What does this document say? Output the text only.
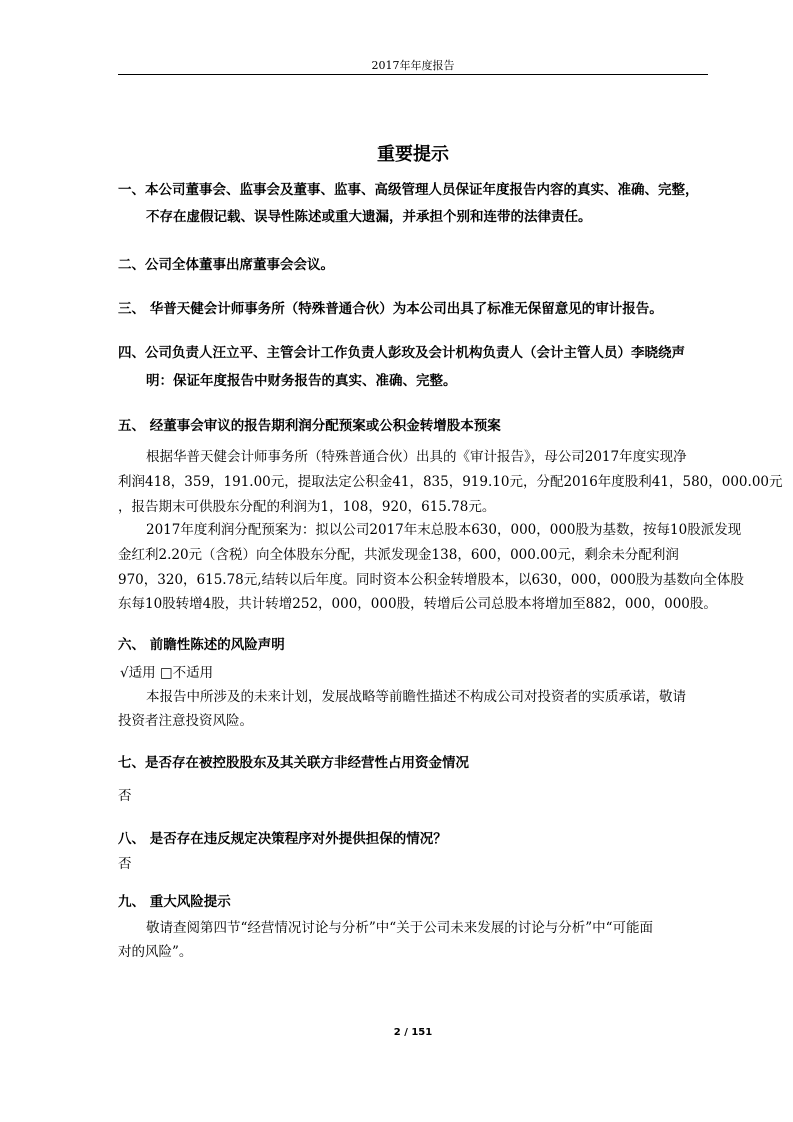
2017年年度报告
重要提示
一、本公司董事会、监事会及董事、监事、高级管理人员保证年度报告内容的真实、准确、完整，
不存在虚假记载、误导性陈述或重大遗漏，并承担个别和连带的法律责任。
二、公司全体董事出席董事会会议。
三、 华普天健会计师事务所（特殊普通合伙）为本公司出具了标准无保留意见的审计报告。
四、公司负责人汪立平、主管会计工作负责人彭玫及会计机构负责人（会计主管人员）李晓绕声
明：保证年度报告中财务报告的真实、准确、完整。
五、 经董事会审议的报告期利润分配预案或公积金转增股本预案
根据华普天健会计师事务所（特殊普通合伙）出具的《审计报告》，母公司2017年度实现净
利润418，359，191.00元，提取法定公积金41，835，919.10元，分配2016年度股利41，580，000.00元
，报告期末可供股东分配的利润为1，108，920，615.78元。
2017年度利润分配预案为：拟以公司2017年末总股本630，000，000股为基数，按每10股派发现
金红利2.20元（含税）向全体股东分配，共派发现金138，600，000.00元，剩余未分配利润
970，320，615.78元,结转以后年度。同时资本公积金转增股本，以630，000，000股为基数向全体股
东每10股转增4股，共计转增252，000，000股，转增后公司总股本将增加至882，000，000股。
六、 前瞻性陈述的风险声明
√适用 □不适用
本报告中所涉及的未来计划，发展战略等前瞻性描述不构成公司对投资者的实质承诺，敬请
投资者注意投资风险。
七、是否存在被控股股东及其关联方非经营性占用资金情况
否
八、 是否存在违反规定决策程序对外提供担保的情况？
否
九、 重大风险提示
敬请查阅第四节“经营情况讨论与分析”中“关于公司未来发展的讨论与分析”中“可能面
对的风险”。
2 / 151
